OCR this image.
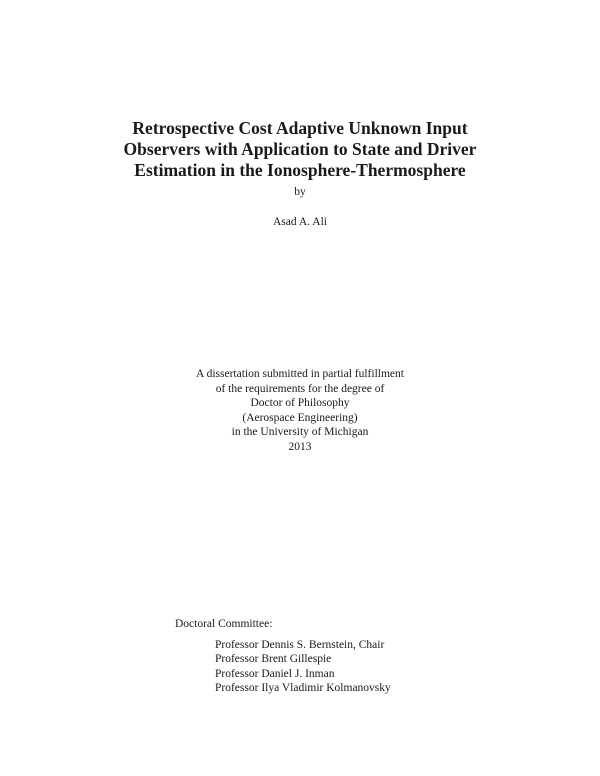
Retrospective Cost Adaptive Unknown Input
Observers with Application to State and Driver
Estimation in the Ionosphere-Thermosphere
by
Asad A. Ali
A dissertation submitted in partial fulfillment
of the requirements for the degree of
Doctor of Philosophy
(Aerospace Engineering)
in the University of Michigan
2013
Doctoral Committee:
Professor Dennis S. Bernstein, Chair
Professor Brent Gillespie
Professor Daniel J. Inman
Professor Ilya Vladimir Kolmanovsky
